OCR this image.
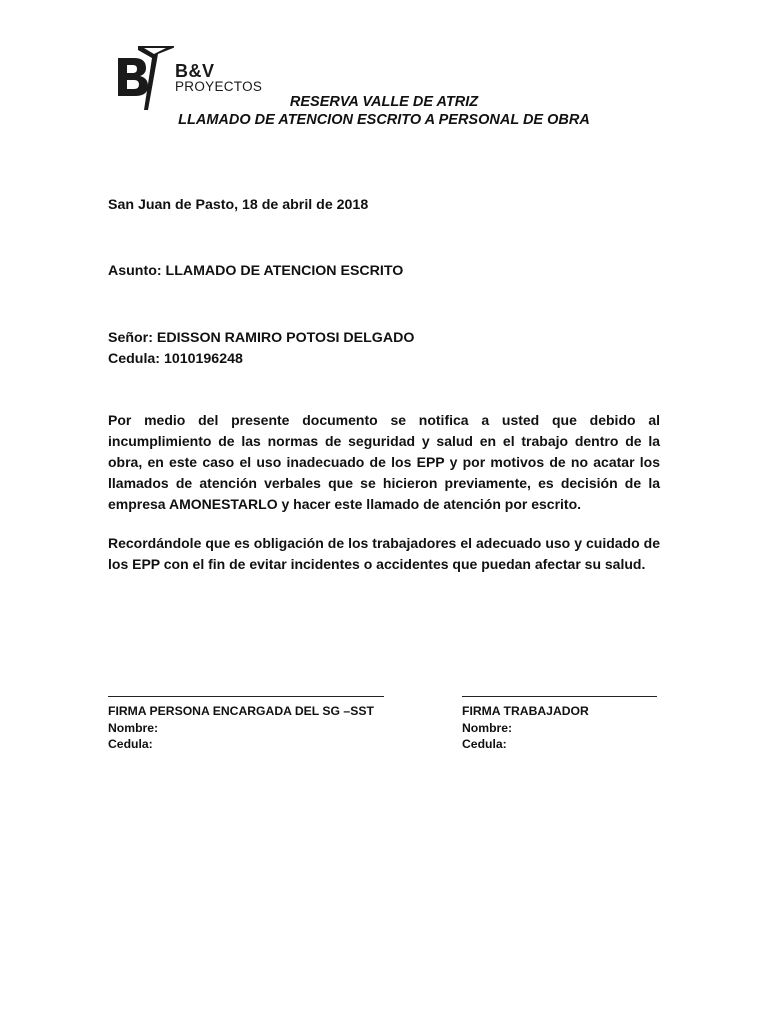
B&V
PROYECTOS
RESERVA VALLE DE ATRIZ
LLAMADO DE ATENCION ESCRITO A PERSONAL DE OBRA
San Juan de Pasto, 18 de abril de 2018
Asunto: LLAMADO DE ATENCION ESCRITO
Señor: EDISSON RAMIRO POTOSI DELGADO
Cedula: 1010196248
Por medio del presente documento se notifica a usted que debido al incumplimiento de las normas de seguridad y salud en el trabajo dentro de la obra, en este caso el uso inadecuado de los EPP y por motivos de no acatar los llamados de atención verbales que se hicieron previamente, es decisión de la empresa AMONESTARLO y hacer este llamado de atención por escrito.
Recordándole que es obligación de los trabajadores el adecuado uso y cuidado de los EPP con el fin de evitar incidentes o accidentes que puedan afectar su salud.
FIRMA PERSONA ENCARGADA DEL SG –SST
Nombre:
Cedula:
FIRMA TRABAJADOR
Nombre:
Cedula:
